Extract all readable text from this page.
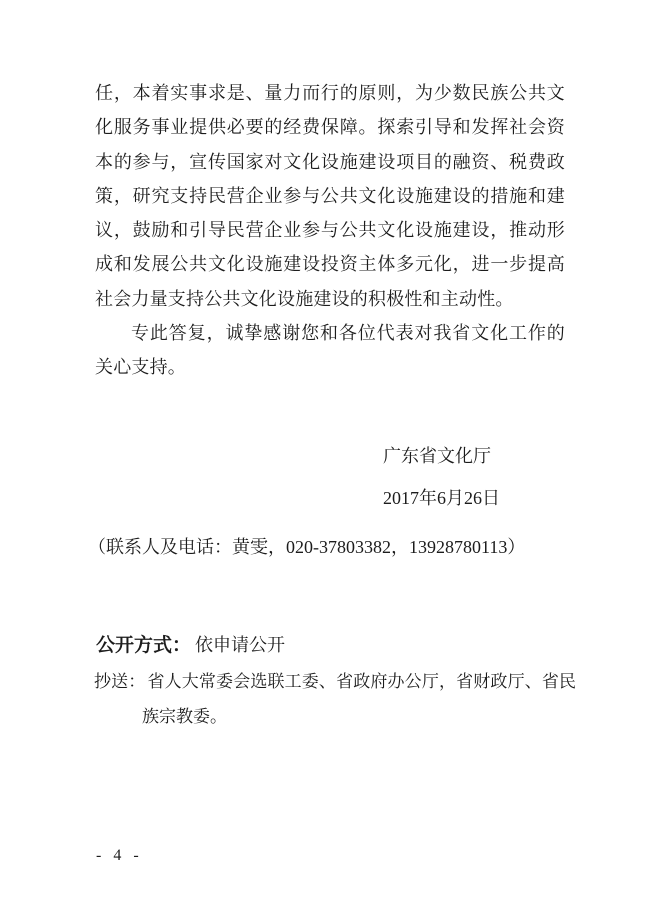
任，本着实事求是、量力而行的原则，为少数民族公共文化服务事业提供必要的经费保障。探索引导和发挥社会资本的参与，宣传国家对文化设施建设项目的融资、税费政策，研究支持民营企业参与公共文化设施建设的措施和建议，鼓励和引导民营企业参与公共文化设施建设，推动形成和发展公共文化设施建设投资主体多元化，进一步提高社会力量支持公共文化设施建设的积极性和主动性。

专此答复，诚挚感谢您和各位代表对我省文化工作的关心支持。

广东省文化厅
2017年6月26日
（联系人及电话：黄雯，020-37803382，13928780113）
公开方式： 依申请公开
抄送： 省人大常委会选联工委、省政府办公厅，省财政厅、省民族宗教委。
- 4 -
